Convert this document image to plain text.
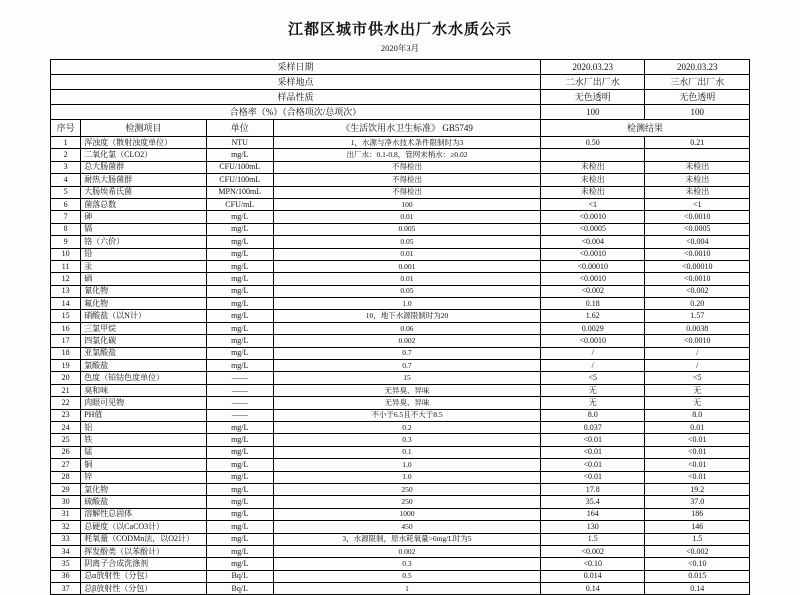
江都区城市供水出厂水水质公示
2020年3月
采样日期				2020.03.23	2020.03.23
采样地点				二水厂出厂水	三水厂出厂水
样品性质				无色透明	无色透明
合格率（%）（合格项次/总项次）				100	100
序号	检测项目	单位	《生活饮用水卫生标准》 GB5749	检测结果	
1	浑浊度（散射浊度单位）	NTU	1，水源与净水技术条件限制时为3	0.50	0.21
2	二氧化氯（CLO2）	mg/L	出厂水：0.1-0.8，管网末梢水：≥0.02		
3	总大肠菌群	CFU/100mL	不得检出	未检出	未检出
4	耐热大肠菌群	CFU/100mL	不得检出	未检出	未检出
5	大肠埃希氏菌	MPN/100mL	不得检出	未检出	未检出
6	菌落总数	CFU/mL	100	<1	<1
7	砷	mg/L	0.01	<0.0010	<0.0010
8	镉	mg/L	0.005	<0.0005	<0.0005
9	铬（六价）	mg/L	0.05	<0.004	<0.004
10	铅	mg/L	0.01	<0.0010	<0.0010
11	汞	mg/L	0.001	<0.00010	<0.00010
12	硒	mg/L	0.01	<0.0010	<0.0010
13	氰化物	mg/L	0.05	<0.002	<0.002
14	氟化物	mg/L	1.0	0.18	0.20
15	硝酸盐（以N计）	mg/L	10，地下水源限制时为20	1.62	1.57
16	三氯甲烷	mg/L	0.06	0.0029	0.0038
17	四氯化碳	mg/L	0.002	<0.0010	<0.0010
18	亚氯酸盐	mg/L	0.7	/	/
19	氯酸盐	mg/L	0.7	/	/
20	色度（铂钴色度单位）	——	15	<5	<5
21	臭和味	——	无异臭、异味	无	无
22	肉眼可见物	——	无异臭、异味	无	无
23	PH值	——	不小于6.5且不大于8.5	8.0	8.0
24	铝	mg/L	0.2	0.037	0.01
25	铁	mg/L	0.3	<0.01	<0.01
26	锰	mg/L	0.1	<0.01	<0.01
27	铜	mg/L	1.0	<0.01	<0.01
28	锌	mg/L	1.0	<0.01	<0.01
29	氯化物	mg/L	250	17.8	19.2
30	硫酸盐	mg/L	250	35.4	37.0
31	溶解性总固体	mg/L	1000	164	186
32	总硬度（以CaCO3计）	mg/L	450	130	146
33	耗氧量（CODMn法，以O2计）	mg/L	3，水源限制，原水耗氧量>6mg/L时为5	1.5	1.5
34	挥发酚类（以苯酚计）	mg/L	0.002	<0.002	<0.002
35	阴离子合成洗涤剂	mg/L	0.3	<0.10	<0.10
36	总α放射性（分包）	Bq/L	0.5	0.014	0.015
37	总β放射性（分包）	Bq/L	1	0.14	0.14
